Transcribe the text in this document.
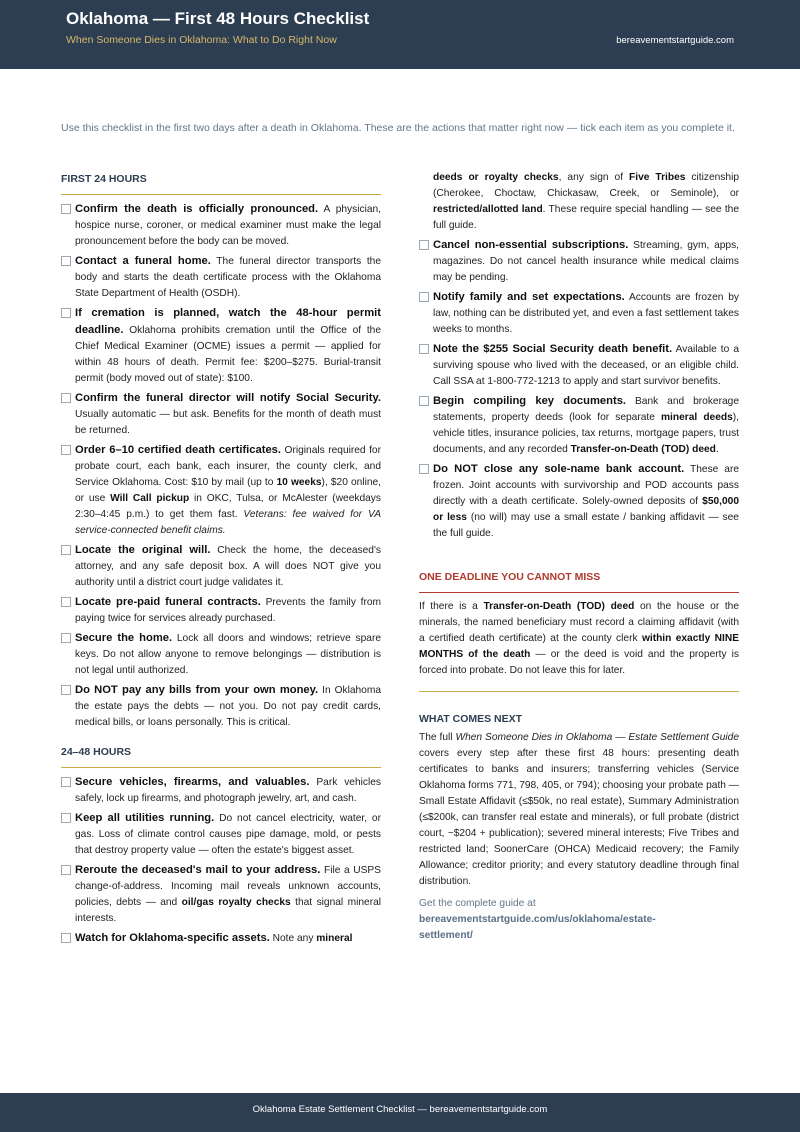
Oklahoma — First 48 Hours Checklist
When Someone Dies in Oklahoma: What to Do Right Now	bereavementstartguide.com
Use this checklist in the first two days after a death in Oklahoma. These are the actions that matter right now — tick each item as you complete it.
FIRST 24 HOURS
Confirm the death is officially pronounced. A physician, hospice nurse, coroner, or medical examiner must make the legal pronouncement before the body can be moved.
Contact a funeral home. The funeral director transports the body and starts the death certificate process with the Oklahoma State Department of Health (OSDH).
If cremation is planned, watch the 48-hour permit deadline. Oklahoma prohibits cremation until the Office of the Chief Medical Examiner (OCME) issues a permit — applied for within 48 hours of death. Permit fee: $200–$275. Burial-transit permit (body moved out of state): $100.
Confirm the funeral director will notify Social Security. Usually automatic — but ask. Benefits for the month of death must be returned.
Order 6–10 certified death certificates. Originals required for probate court, each bank, each insurer, the county clerk, and Service Oklahoma. Cost: $10 by mail (up to 10 weeks), $20 online, or use Will Call pickup in OKC, Tulsa, or McAlester (weekdays 2:30–4:45 p.m.) to get them fast. Veterans: fee waived for VA service-connected benefit claims.
Locate the original will. Check the home, the deceased's attorney, and any safe deposit box. A will does NOT give you authority until a district court judge validates it.
Locate pre-paid funeral contracts. Prevents the family from paying twice for services already purchased.
Secure the home. Lock all doors and windows; retrieve spare keys. Do not allow anyone to remove belongings — distribution is not legal until authorized.
Do NOT pay any bills from your own money. In Oklahoma the estate pays the debts — not you. Do not pay credit cards, medical bills, or loans personally. This is critical.
24–48 HOURS
Secure vehicles, firearms, and valuables. Park vehicles safely, lock up firearms, and photograph jewelry, art, and cash.
Keep all utilities running. Do not cancel electricity, water, or gas. Loss of climate control causes pipe damage, mold, or pests that destroy property value — often the estate's biggest asset.
Reroute the deceased's mail to your address. File a USPS change-of-address. Incoming mail reveals unknown accounts, policies, debts — and oil/gas royalty checks that signal mineral interests.
Watch for Oklahoma-specific assets. Note any mineral
deeds or royalty checks, any sign of Five Tribes citizenship (Cherokee, Choctaw, Chickasaw, Creek, or Seminole), or restricted/allotted land. These require special handling — see the full guide.
Cancel non-essential subscriptions. Streaming, gym, apps, magazines. Do not cancel health insurance while medical claims may be pending.
Notify family and set expectations. Accounts are frozen by law, nothing can be distributed yet, and even a fast settlement takes weeks to months.
Note the $255 Social Security death benefit. Available to a surviving spouse who lived with the deceased, or an eligible child. Call SSA at 1-800-772-1213 to apply and start survivor benefits.
Begin compiling key documents. Bank and brokerage statements, property deeds (look for separate mineral deeds), vehicle titles, insurance policies, tax returns, mortgage papers, trust documents, and any recorded Transfer-on-Death (TOD) deed.
Do NOT close any sole-name bank account. These are frozen. Joint accounts with survivorship and POD accounts pass directly with a death certificate. Solely-owned deposits of $50,000 or less (no will) may use a small estate / banking affidavit — see the full guide.
ONE DEADLINE YOU CANNOT MISS
If there is a Transfer-on-Death (TOD) deed on the house or the minerals, the named beneficiary must record a claiming affidavit (with a certified death certificate) at the county clerk within exactly NINE MONTHS of the death — or the deed is void and the property is forced into probate. Do not leave this for later.
WHAT COMES NEXT
The full When Someone Dies in Oklahoma — Estate Settlement Guide covers every step after these first 48 hours: presenting death certificates to banks and insurers; transferring vehicles (Service Oklahoma forms 771, 798, 405, or 794); choosing your probate path — Small Estate Affidavit (≤$50k, no real estate), Summary Administration (≤$200k, can transfer real estate and minerals), or full probate (district court, ~$204 + publication); severed mineral interests; Five Tribes and restricted land; SoonerCare (OHCA) Medicaid recovery; the Family Allowance; creditor priority; and every statutory deadline through final distribution.
Get the complete guide at
bereavementstartguide.com/us/oklahoma/estate-settlement/
Oklahoma Estate Settlement Checklist — bereavementstartguide.com
